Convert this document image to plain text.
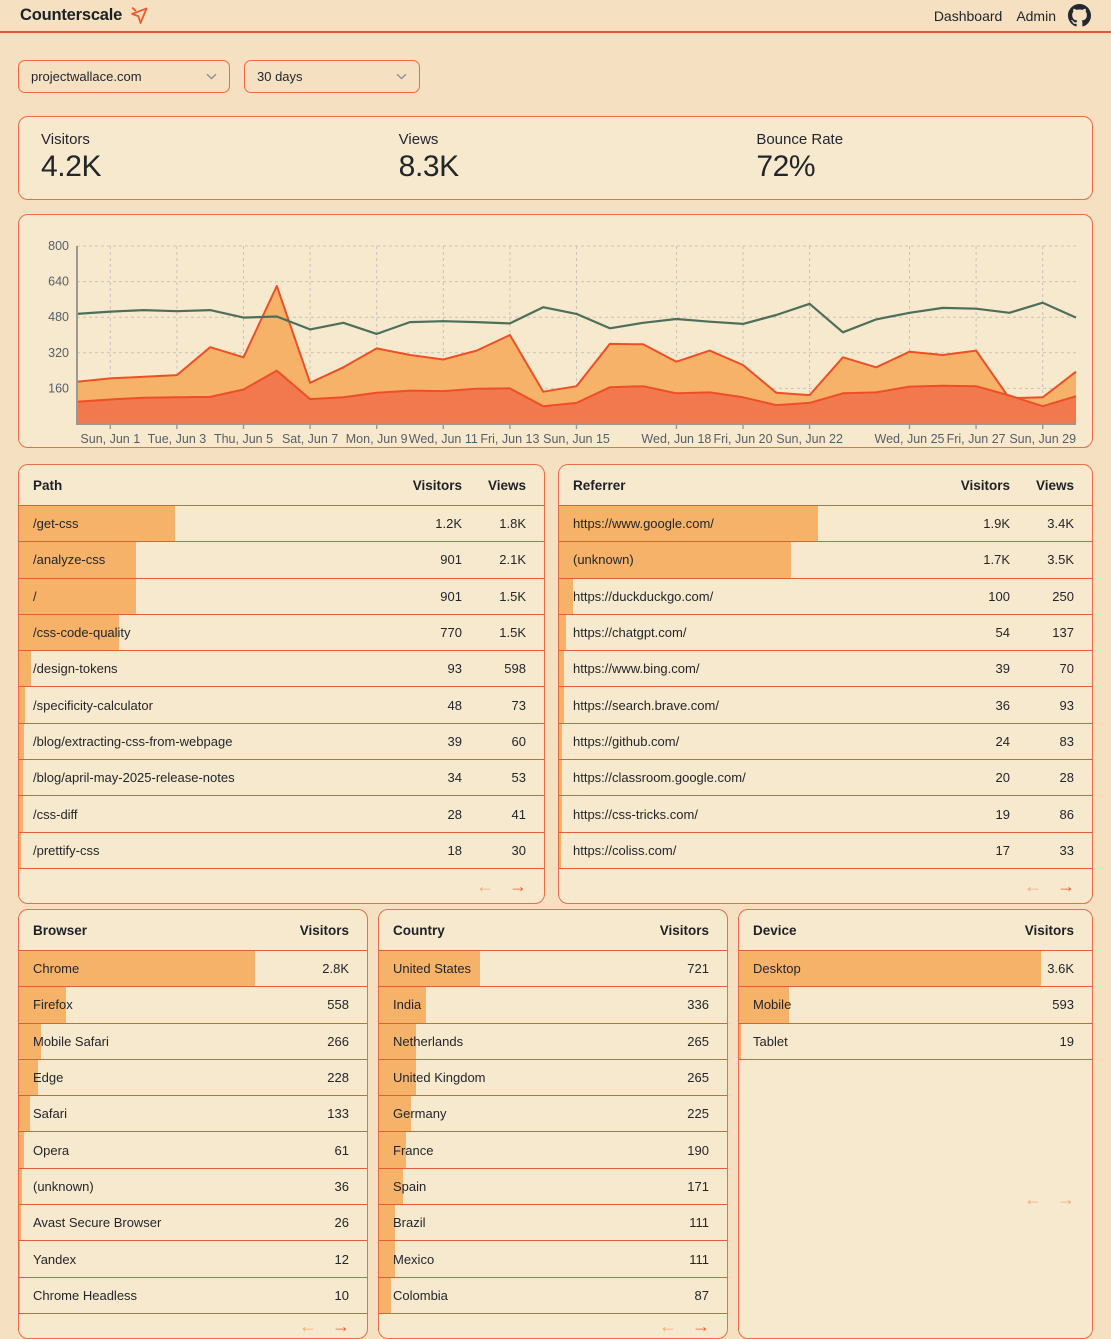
Counterscale	Dashboard Admin
projectwallace.com	30 days
Visitors
4.2K
Views
8.3K
Bounce Rate
72%
160
320
480
640
800
Sun, Jun 1 Tue, Jun 3 Thu, Jun 5 Sat, Jun 7 Mon, Jun 9 Wed, Jun 11 Fri, Jun 13 Sun, Jun 15	Wed, Jun 18 Fri, Jun 20 Sun, Jun 22	Wed, Jun 25 Fri, Jun 27 Sun, Jun 29
Path	Visitors	Views
/get-css	1.2K	1.8K
/analyze-css	901	2.1K
/	901	1.5K
/css-code-quality	770	1.5K
/design-tokens	93	598
/specificity-calculator	48	73
/blog/extracting-css-from-webpage	39	60
/blog/april-may-2025-release-notes	34	53
/css-diff	28	41
/prettify-css	18	30
← →
Referrer	Visitors	Views
https://www.google.com/	1.9K	3.4K
(unknown)	1.7K	3.5K
https://duckduckgo.com/	100	250
https://chatgpt.com/	54	137
https://www.bing.com/	39	70
https://search.brave.com/	36	93
https://github.com/	24	83
https://classroom.google.com/	20	28
https://css-tricks.com/	19	86
https://coliss.com/	17	33
← →
Browser	Visitors
Chrome	2.8K
Firefox	558
Mobile Safari	266
Edge	228
Safari	133
Opera	61
(unknown)	36
Avast Secure Browser	26
Yandex	12
Chrome Headless	10
← →
Country	Visitors
United States	721
India	336
Netherlands	265
United Kingdom	265
Germany	225
France	190
Spain	171
Brazil	111
Mexico	111
Colombia	87
← →
Device	Visitors
Desktop	3.6K
Mobile	593
Tablet	19
← →
